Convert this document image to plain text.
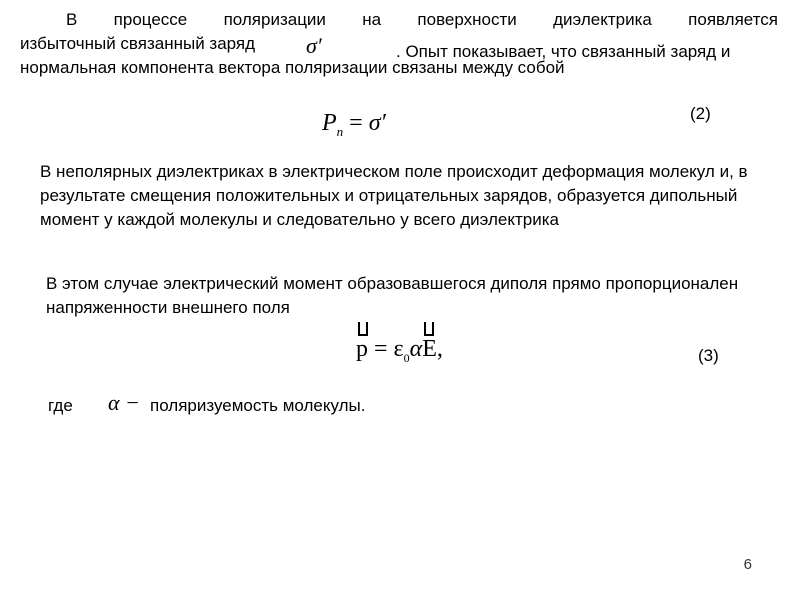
В процессе поляризации на поверхности диэлектрика появляется
избыточный связанный заряд	. Опыт показывает, что связанный заряд и
нормальная компонента вектора поляризации связаны между собой
σ′
$P_n = \sigma'$	(2)
В неполярных диэлектриках в электрическом поле происходит деформация молекул и, в результате смещения положительных и отрицательных зарядов, образуется дипольный момент у каждой молекулы и следовательно у всего диэлектрика
В этом случае электрический момент образовавшегося диполя прямо пропорционален напряженности внешнего поля
$p = \varepsilon_0\alpha E$,	(3)
где α − поляризуемость молекулы.
6
